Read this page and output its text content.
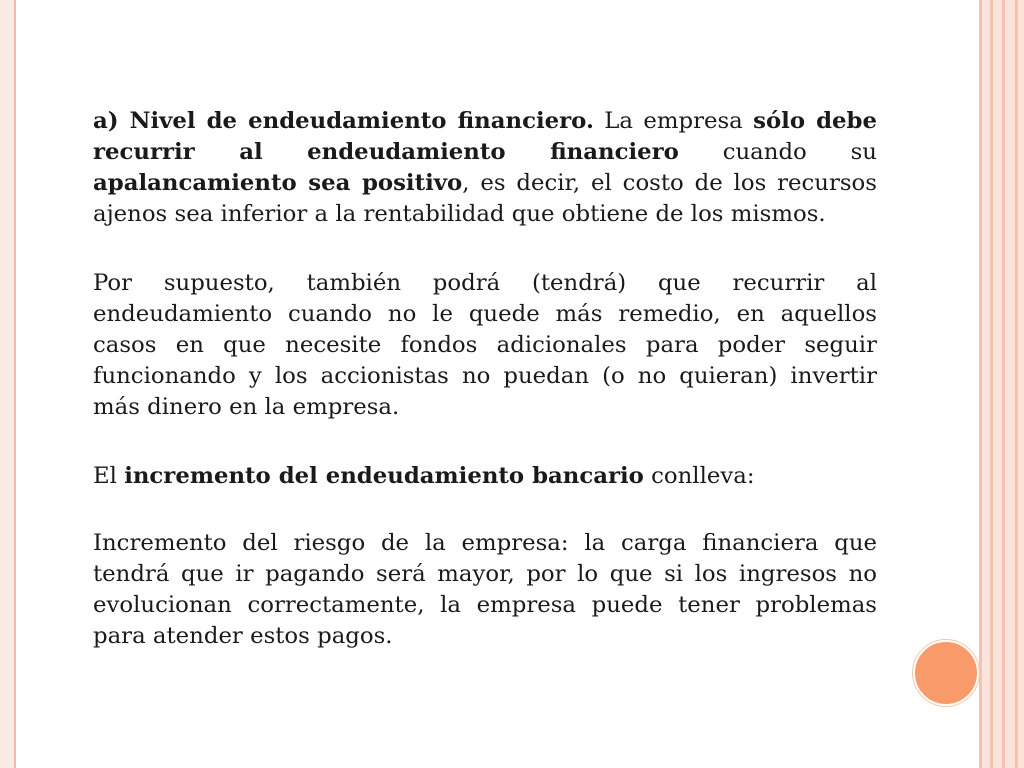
a) Nivel de endeudamiento financiero. La empresa sólo debe recurrir al endeudamiento financiero cuando su apalancamiento sea positivo, es decir, el costo de los recursos ajenos sea inferior a la rentabilidad que obtiene de los mismos.

Por supuesto, también podrá (tendrá) que recurrir al endeudamiento cuando no le quede más remedio, en aquellos casos en que necesite fondos adicionales para poder seguir funcionando y los accionistas no puedan (o no quieran) invertir más dinero en la empresa.

El incremento del endeudamiento bancario conlleva:

Incremento del riesgo de la empresa: la carga financiera que tendrá que ir pagando será mayor, por lo que si los ingresos no evolucionan correctamente, la empresa puede tener problemas para atender estos pagos.
